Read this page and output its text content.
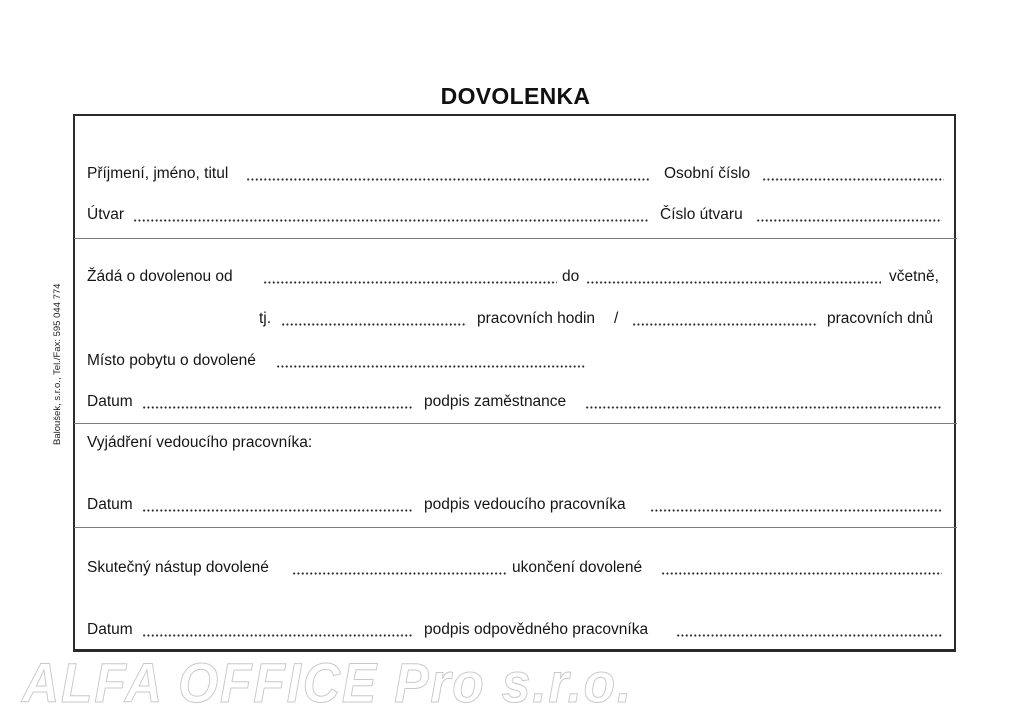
DOVOLENKA
Baloušek, s.r.o., Tel./Fax: 595 044 774
Příjmení, jméno, titul	Osobní číslo
Útvar	Číslo útvaru
Žádá o dovolenou od	do	včetně,
tj.	pracovních hodin /	pracovních dnů
Místo pobytu o dovolené
Datum	podpis zaměstnance
Vyjádření vedoucího pracovníka:
Datum	podpis vedoucího pracovníka
Skutečný nástup dovolené	ukončení dovolené
Datum	podpis odpovědného pracovníka
ALFA OFFICE Pro s.r.o.
